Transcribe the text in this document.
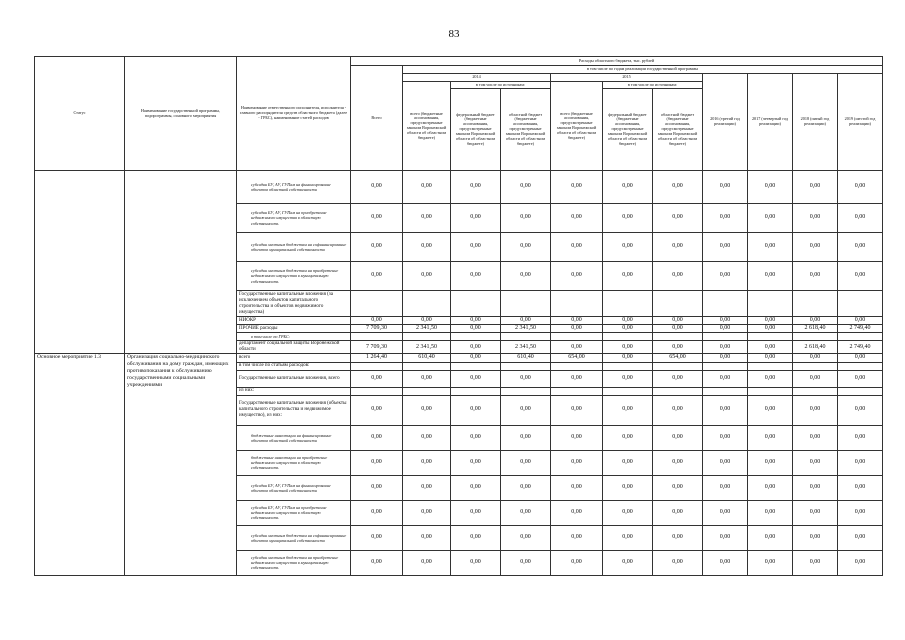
83
Статус	Наименование государственной программы, подпрограммы, основного мероприятия	Наименование ответственного исполнителя, исполнителя - главного распорядителя средств областного бюджета (далее - ГРБС), наименование статей расходов	Расходы областного бюджета, тыс. рублей										
			Всего	в том числе по годам реализации государственной программы									
				2014			2015			2016 (третий год реализации)	2017 (четвертый год реализации)	2018 (пятый год реализации)	2019 (шестой год реализации)
				всего (бюджетные ассигнования, предусмотренные законом Воронежской области об областном бюджете)	в том числе по источникам:		всего (бюджетные ассигнования, предусмотренные законом Воронежской области об областном бюджете)	в том числе по источникам:					
					федеральный бюджет (бюджетные ассигнования, предусмотренные законом Воронежской области об областном бюджете)	областной бюджет (бюджетные ассигнования, предусмотренные законом Воронежской области об областном бюджете)		федеральный бюджет (бюджетные ассигнования, предусмотренные законом Воронежской области об областном бюджете)	областной бюджет (бюджетные ассигнования, предусмотренные законом Воронежской области об областном бюджете)				
		субсидии БУ, АУ, ГУПам на финансирование объектов областной собственности	0,00	0,00	0,00	0,00	0,00	0,00	0,00	0,00	0,00	0,00	0,00
		субсидии БУ, АУ, ГУПам на приобретение недвижимого имущества в областную собственность	0,00	0,00	0,00	0,00	0,00	0,00	0,00	0,00	0,00	0,00	0,00
		субсидии местным бюджетам на софинансирование объектов муниципальной собственности	0,00	0,00	0,00	0,00	0,00	0,00	0,00	0,00	0,00	0,00	0,00
		субсидии местным бюджетам на приобретение недвижимого имущества в муниципальную собственность	0,00	0,00	0,00	0,00	0,00	0,00	0,00	0,00	0,00	0,00	0,00
		Государственные капитальные вложения (за исключением объектов капитального строительства и объектов недвижимого имущества)											
		НИОКР	0,00	0,00	0,00	0,00	0,00	0,00	0,00	0,00	0,00	0,00	0,00
		ПРОЧИЕ расходы	7 709,30	2 341,50	0,00	2 341,50	0,00	0,00	0,00	0,00	0,00	2 618,40	2 749,40
		в том числе по ГРБС:											
		департамент социальной защиты Воронежской области	7 709,30	2 341,50	0,00	2 341,50	0,00	0,00	0,00	0,00	0,00	2 618,40	2 749,40
Основное мероприятие 1.3	Организация социально-медицинского обслуживания на дому граждан, имеющих противопоказания к обслуживанию государственными социальными учреждениями	всего	1 264,40	610,40	0,00	610,40	654,00	0,00	654,00	0,00	0,00	0,00	0,00
		в том числе по статьям расходов:											
		Государственные капитальные вложения, всего	0,00	0,00	0,00	0,00	0,00	0,00	0,00	0,00	0,00	0,00	0,00
		из них:											
		Государственные капитальные вложения (объекты капитального строительства и недвижимое имущество), из них:	0,00	0,00	0,00	0,00	0,00	0,00	0,00	0,00	0,00	0,00	0,00
		бюджетные инвестиции на финансирование объектов областной собственности	0,00	0,00	0,00	0,00	0,00	0,00	0,00	0,00	0,00	0,00	0,00
		бюджетные инвестиции на приобретение недвижимого имущества в областную собственность	0,00	0,00	0,00	0,00	0,00	0,00	0,00	0,00	0,00	0,00	0,00
		субсидии БУ, АУ, ГУПам на финансирование объектов областной собственности	0,00	0,00	0,00	0,00	0,00	0,00	0,00	0,00	0,00	0,00	0,00
		субсидии БУ, АУ, ГУПам на приобретение недвижимого имущества в областную собственность	0,00	0,00	0,00	0,00	0,00	0,00	0,00	0,00	0,00	0,00	0,00
		субсидии местным бюджетам на софинансирование объектов муниципальной собственности	0,00	0,00	0,00	0,00	0,00	0,00	0,00	0,00	0,00	0,00	0,00
		субсидии местным бюджетам на приобретение недвижимого имущества в муниципальную собственность	0,00	0,00	0,00	0,00	0,00	0,00	0,00	0,00	0,00	0,00	0,00
